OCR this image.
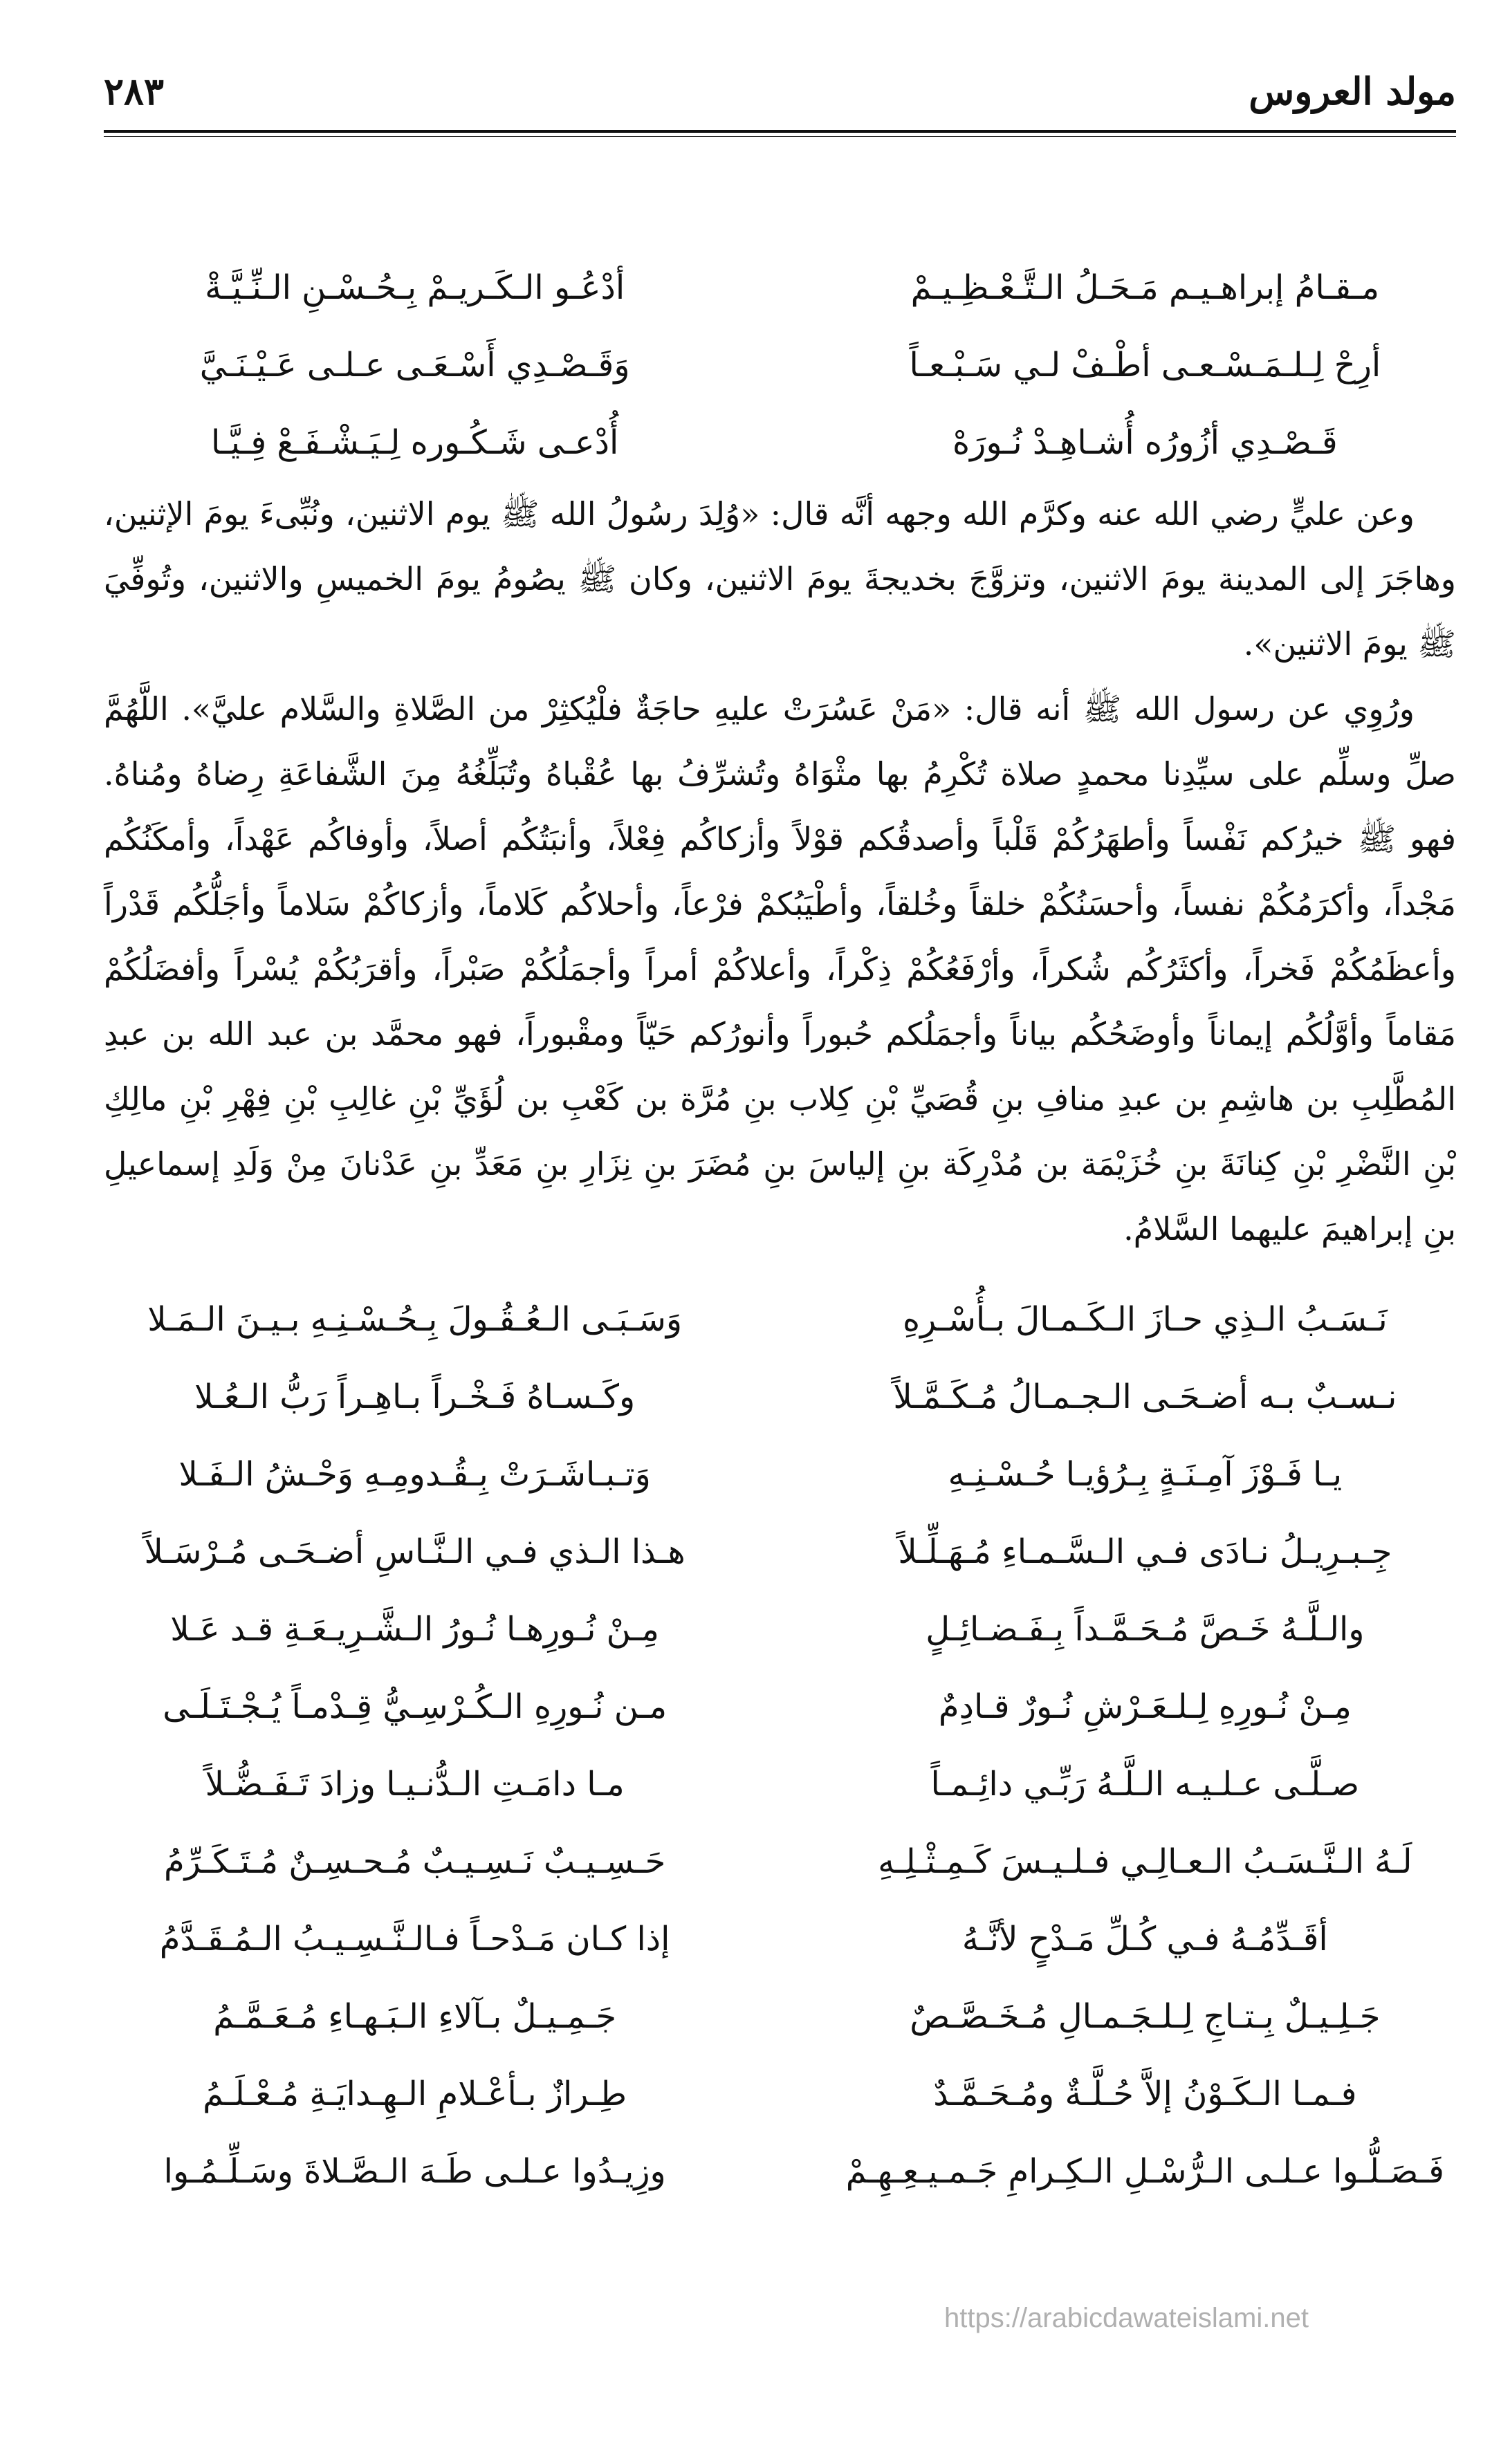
مولد العروس
٢٨٣
مـقـامُ إبراهـيـم مَـحَـلُ الـتَّـعْـظِـيـمْ
أدْعُـو الـكَـريـمْ بِـحُـسْـنِ الـنِّـيَّـةْ
أرِحْ لِـلـمَـسْـعـى أطْـفْ لـي سَـبْـعـاً
وَقَـصْـدِي أَسْـعَـى عـلـى عَـيْـنَـيَّ
قَـصْـدِي أزُورُه أُشـاهِـدْ نُـورَهْ
أُدْعـى شَـكُـوره لِـيَـشْـفَـعْ فِـيَّـا

وعن عليٍّ رضي الله عنه وكرَّم الله وجهه أنَّه قال: «وُلِدَ رسُولُ الله ﷺ يوم الاثنين، ونُبِّىءَ يومَ الإثنين، وهاجَرَ إلى المدينة يومَ الاثنين، وتزوَّجَ بخديجةَ يومَ الاثنين، وكان ﷺ يصُومُ يومَ الخميسِ والاثنين، وتُوفِّيَ ﷺ يومَ الاثنين».

ورُوِي عن رسول الله ﷺ أنه قال: «مَنْ عَسُرَتْ عليهِ حاجَةٌ فلْيُكثِرْ من الصَّلاةِ والسَّلام عليَّ». اللَّهُمَّ صلِّ وسلِّم على سيِّدِنا محمدٍ صلاة تُكْرِمُ بها مثْوَاهُ وتُشرِّفُ بها عُقْباهُ وتُبَلِّغُهُ مِنَ الشَّفاعَةِ رِضاهُ ومُناهُ. فهو ﷺ خيرُكم نَفْساً وأطهَرُكُمْ قَلْباً وأصدقُكم قوْلاً وأزكاكُم فِعْلاً، وأنبَتُكُم أصلاً، وأوفاكُم عَهْداً، وأمكَنُكُم مَجْداً، وأكرَمُكُمْ نفساً، وأحسَنُكُمْ خلقاً وخُلقاً، وأطْيَبُكمْ فرْعاً، وأحلاكُم كَلاماً، وأزكاكُمْ سَلاماً وأجَلُّكُم قَدْراً وأعظَمُكُمْ فَخراً، وأكثَرُكُم شُكراً، وأرْفَعُكُمْ ذِكْراً، وأعلاكُمْ أمراً وأجمَلُكُمْ صَبْراً، وأقرَبُكُمْ يُسْراً وأفضَلُكُمْ مَقاماً وأوَّلُكُم إيماناً وأوضَحُكُم بياناً وأجمَلُكم حُبوراً وأنورُكم حَيّاً ومقْبوراً، فهو محمَّد بن عبد الله بن عبدِ المُطَّلِبِ بن هاشِمِ بن عبدِ منافِ بنِ قُصَيِّ بْنِ كِلاب بنِ مُرَّة بن كَعْبِ بن لُؤَيِّ بْنِ غالِبِ بْنِ فِهْرِ بْنِ مالِكِ بْنِ النَّضْرِ بْنِ كِنانَةَ بنِ خُزَيْمَة بن مُدْرِكَة بنِ إلياسَ بنِ مُضَرَ بنِ نِزَارِ بنِ مَعَدِّ بنِ عَدْنانَ مِنْ وَلَدِ إسماعيلِ بنِ إبراهيمَ عليهما السَّلامُ.

نَـسَـبُ الـذِي حـازَ الـكَـمـالَ بـأُسْـرِهِ
وَسَـبَـى الـعُـقُـولَ بِـحُـسْـنِـهِ بـيـنَ الـمَـلا
نـسـبٌ بـه أضـحَـى الـجـمـالُ مُـكَـمَّـلاً
وكَـسـاهُ فَـخْـراً بـاهِـراً رَبُّ الـعُـلا
يـا فَـوْزَ آمِـنَـةٍ بِـرُؤيـا حُـسْـنِـهِ
وَتـبـاشَـرَتْ بِـقُـدومِـهِ وَحْـشُ الـفَـلا
جِـبـرِيـلُ نـادَى فـي الـسَّـمـاءِ مُـهَـلِّـلاً
هـذا الـذي فـي الـنَّـاسِ أضـحَـى مُـرْسَـلاً
والـلَّـهُ خَـصَّ مُـحَـمَّـداً بِـفَـضـائِـلٍ
مِـنْ نُـورِهـا نُـورُ الـشَّـرِيـعَـةِ قـد عَـلا
مِـنْ نُـورِهِ لِـلـعَـرْشِ نُـورٌ قـادِمٌ
مـن نُـورِهِ الـكُـرْسِـيُّ قِـدْمـاً يُـجْـتَـلَـى
صـلَّـى عـلـيـه الـلَّـهُ رَبِّـي دائِـمـاً
مـا دامَـتِ الـدُّنـيـا وزادَ تَـفَـضُّـلاً
لَـهُ الـنَّـسَـبُ الـعـالِـي فـلـيـسَ كَـمِـثْـلِـهِ
حَـسِـيـبٌ نَـسِـيـبٌ مُـحـسِـنٌ مُـتَـكَـرِّمُ
أقَـدِّمُـهُ فـي كُـلِّ مَـدْحٍ لأنَّـهُ
إذا كـان مَـدْحـاً فـالـنَّـسِـيـبُ الـمُـقَـدَّمُ
جَـلِـيـلٌ بِـتـاجِ لِـلـجَـمـالِ مُـخَـصَّـصٌ
جَـمِـيـلٌ بـآلاءِ الـبَـهـاءِ مُـعَـمَّـمُ
فـمـا الـكَـوْنُ إلاَّ حُـلَّـةٌ ومُـحَـمَّـدٌ
طِـرازٌ بـأعْـلامِ الـهِـدايَـةِ مُـعْـلَـمُ
فَـصَـلُّـوا عـلـى الـرُّسْـلِ الـكِـرامِ جَـمـيـعِـهِـمْ
وزِيـدُوا عـلـى طَـهَ الـصَّـلاةَ وسَـلِّـمُـوا
https://arabicdawateislami.net
